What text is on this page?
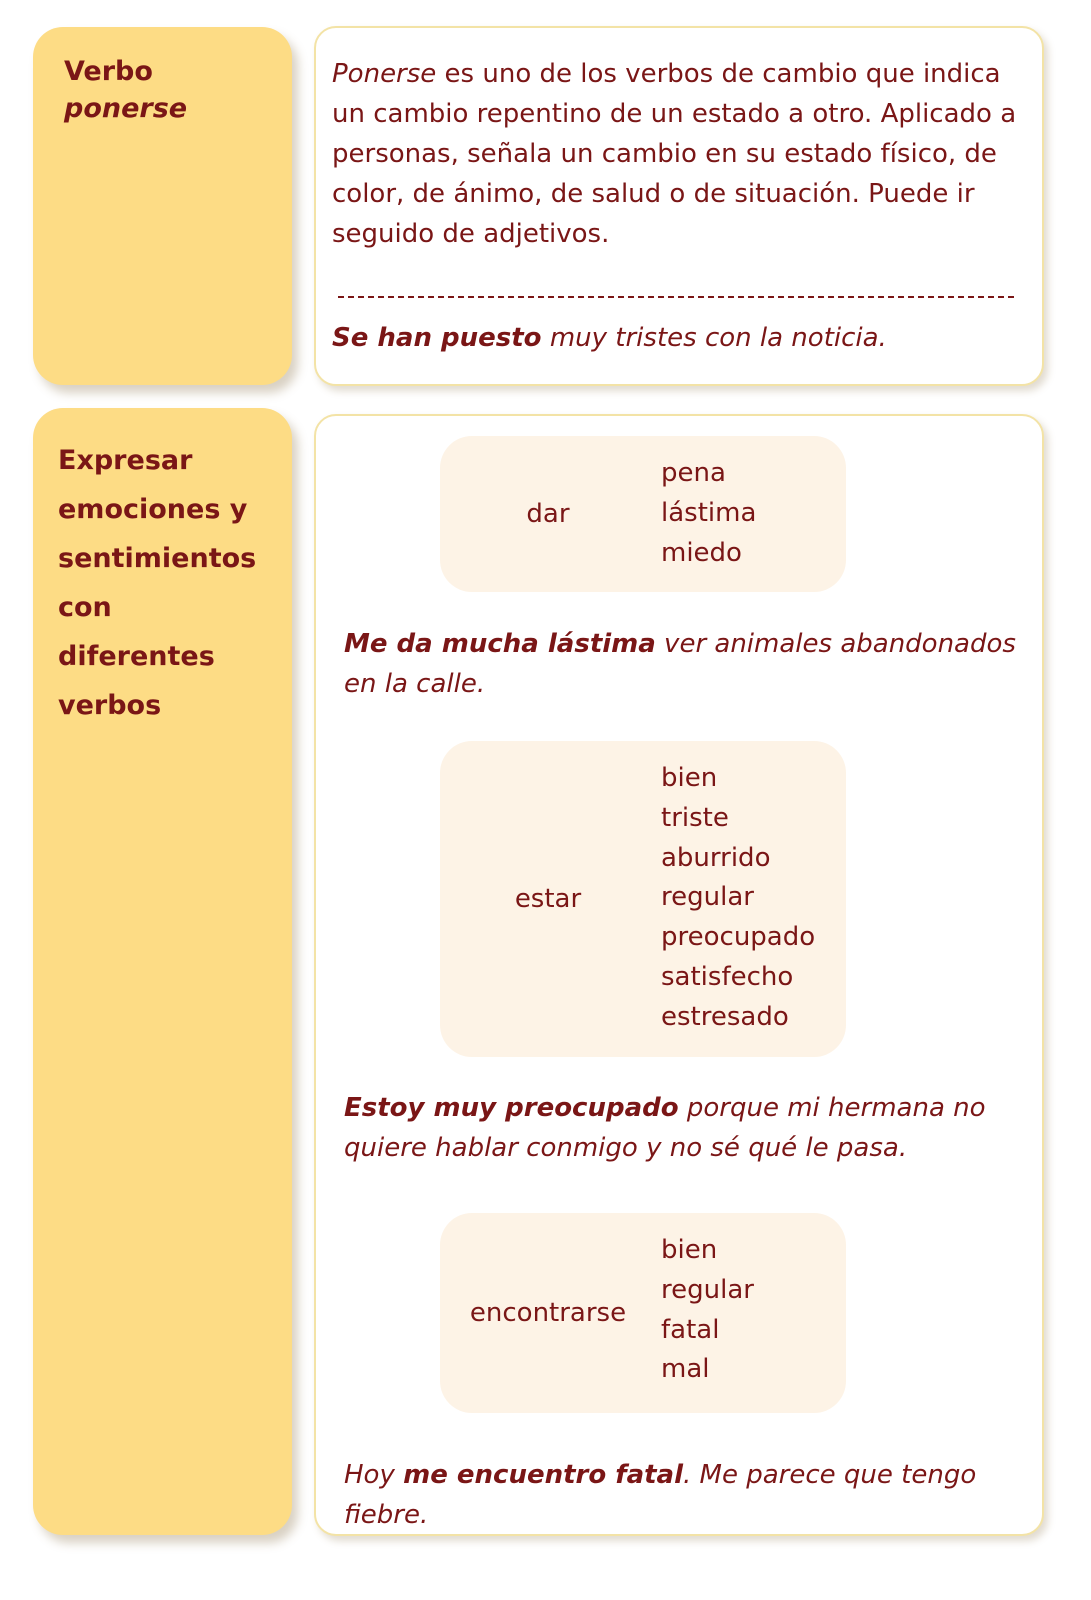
Verbo
ponerse
Ponerse es uno de los verbos de cambio que indica un cambio repentino de un estado a otro. Aplicado a personas, señala un cambio en su estado físico, de color, de ánimo, de salud o de situación. Puede ir seguido de adjetivos.
Se han puesto muy tristes con la noticia.
Expresar
emociones y
sentimientos
con
diferentes
verbos
dar
pena
lástima
miedo
Me da mucha lástima ver animales abandonados en la calle.
estar
bien
triste
aburrido
regular
preocupado
satisfecho
estresado
Estoy muy preocupado porque mi hermana no quiere hablar conmigo y no sé qué le pasa.
encontrarse
bien
regular
fatal
mal
Hoy me encuentro fatal. Me parece que tengo fiebre.
